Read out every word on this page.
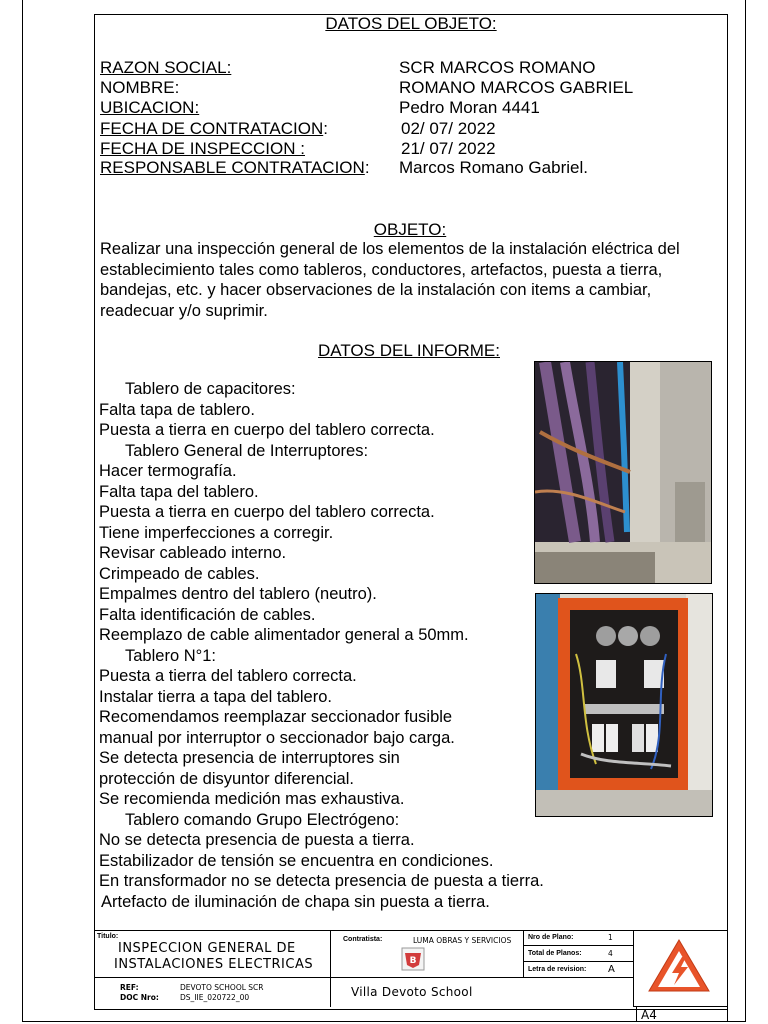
DATOS DEL OBJETO:
RAZON SOCIAL:	SCR MARCOS ROMANO
NOMBRE:	ROMANO MARCOS GABRIEL
UBICACION:	Pedro Moran 4441
FECHA DE CONTRATACION:	02/ 07/ 2022
FECHA DE INSPECCION :	21/ 07/ 2022
RESPONSABLE CONTRATACION: Marcos Romano Gabriel.
OBJETO:
Realizar una inspección general de los elementos de la instalación eléctrica del establecimiento tales como tableros, conductores, artefactos, puesta a tierra, bandejas, etc. y hacer observaciones de la instalación con items a cambiar, readecuar y/o suprimir.
DATOS DEL INFORME:
Tablero de capacitores:
Falta tapa de tablero.
Puesta a tierra en cuerpo del tablero correcta.
Tablero General de Interruptores:
Hacer termografía.
Falta tapa del tablero.
Puesta a tierra en cuerpo del tablero correcta.
Tiene imperfecciones a corregir.
Revisar cableado interno.
Crimpeado de cables.
Empalmes dentro del tablero (neutro).
Falta identificación de cables.
Reemplazo de cable alimentador general a 50mm.
Tablero N°1:
Puesta a tierra del tablero correcta.
Instalar tierra a tapa del tablero.
Recomendamos reemplazar seccionador fusible
manual por interruptor o seccionador bajo carga.
Se detecta presencia de interruptores sin
protección de disyuntor diferencial.
Se recomienda medición mas exhaustiva.
Tablero comando Grupo Electrógeno:
No se detecta presencia de puesta a tierra.
Estabilizador de tensión se encuentra en condiciones.
En transformador no se detecta presencia de puesta a tierra.
Artefacto de iluminación de chapa sin puesta a tierra.
Titulo:
INSPECCION GENERAL DE
INSTALACIONES ELECTRICAS
Contratista:	LUMA OBRAS Y SERVICIOS
B
Nro de Plano:	1
Total de Planos:	4
Letra de revision: A
REF:	DEVOTO SCHOOL SCR
DOC Nro:	DS_IIE_020722_00	Villa Devoto School
A4
